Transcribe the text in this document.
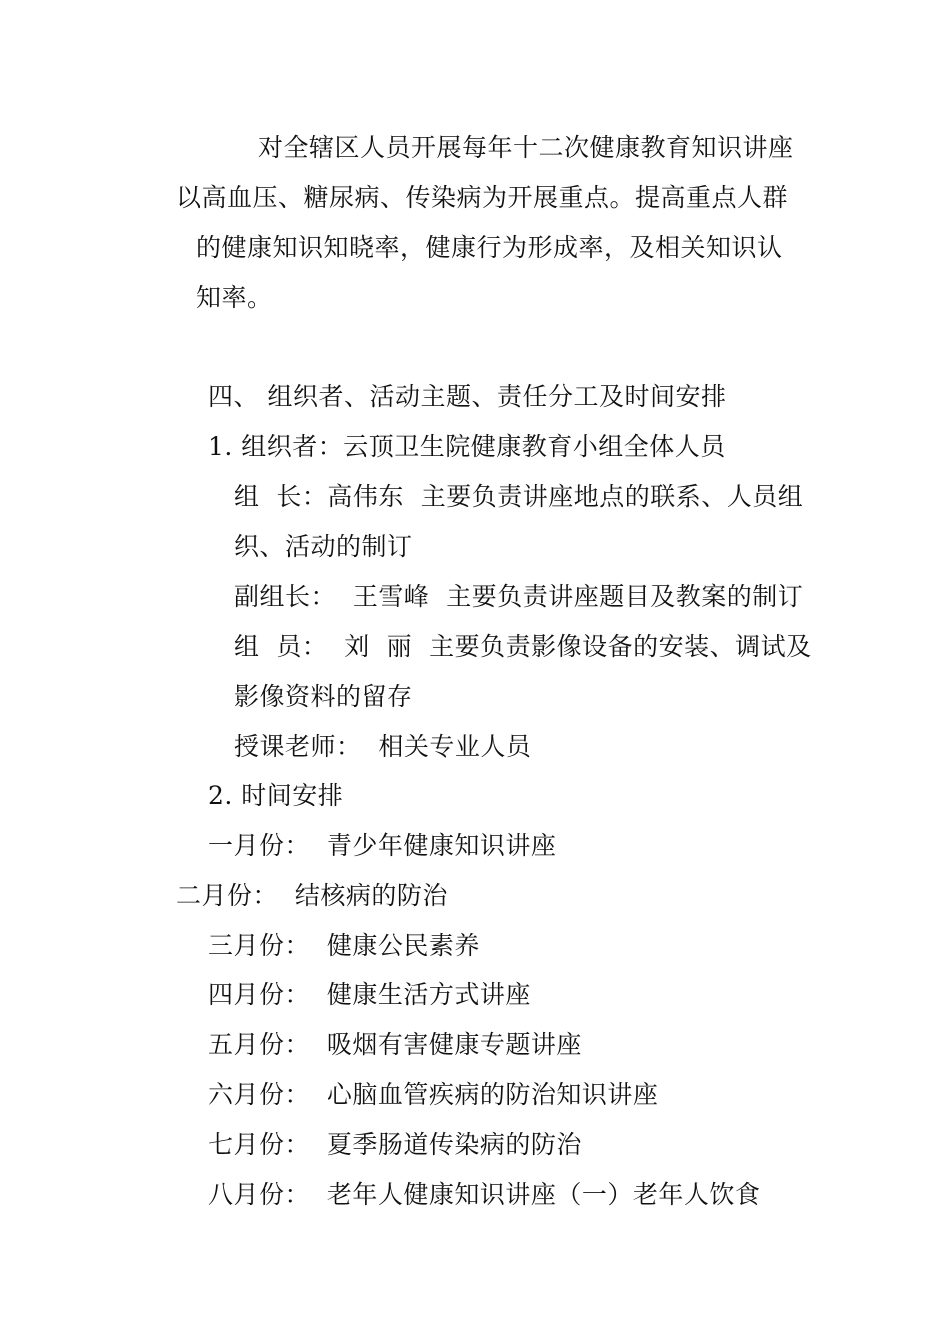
对全辖区人员开展每年十二次健康教育知识讲座
以高血压、糖尿病、传染病为开展重点。提高重点人群
的健康知识知晓率，健康行为形成率，及相关知识认
知率。
四、 组织者、活动主题、责任分工及时间安排
1. 组织者：云顶卫生院健康教育小组全体人员
组  长：高伟东  主要负责讲座地点的联系、人员组
织、活动的制订
副组长：  王雪峰  主要负责讲座题目及教案的制订
组  员：  刘  丽  主要负责影像设备的安装、调试及
影像资料的留存
授课老师：  相关专业人员
2. 时间安排
一月份：  青少年健康知识讲座
二月份：  结核病的防治
三月份：  健康公民素养
四月份：  健康生活方式讲座
五月份：  吸烟有害健康专题讲座
六月份：  心脑血管疾病的防治知识讲座
七月份：  夏季肠道传染病的防治
八月份：  老年人健康知识讲座（一）老年人饮食
